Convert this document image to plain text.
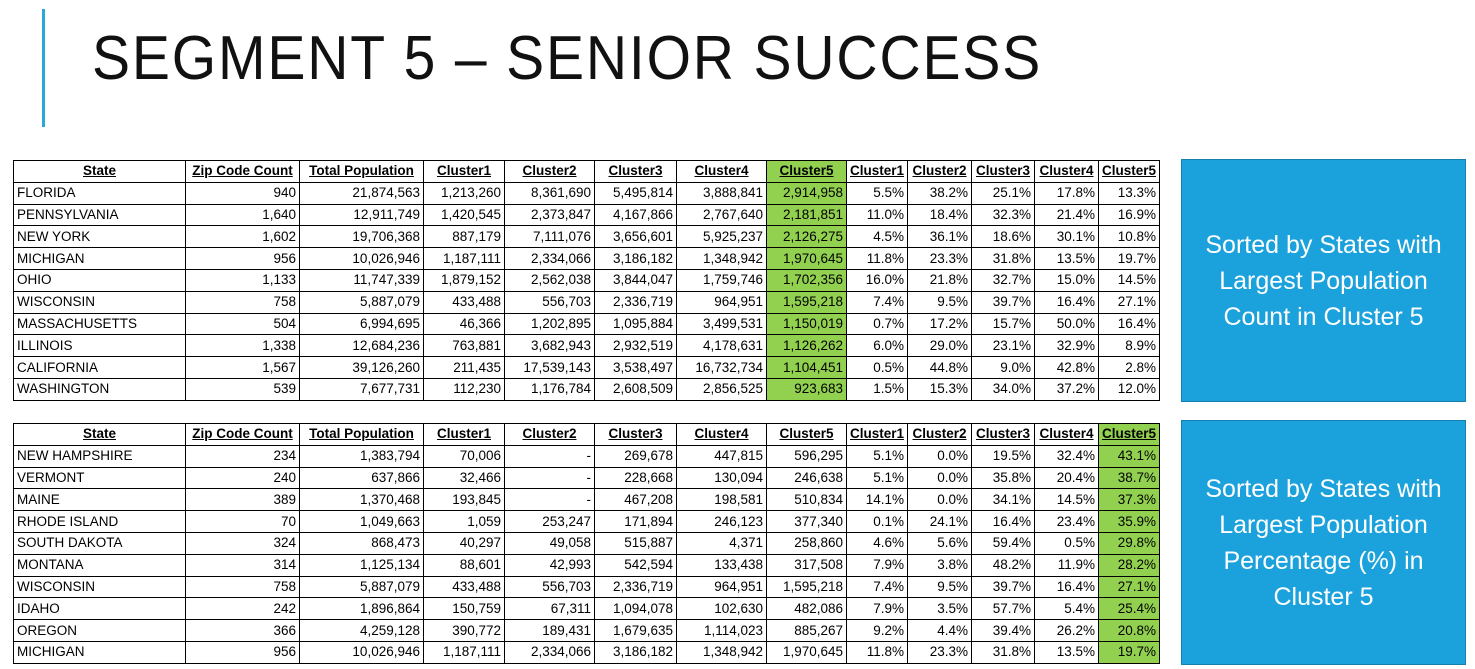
SEGMENT 5 – SENIOR SUCCESS
State	Zip Code Count	Total Population	Cluster1	Cluster2	Cluster3	Cluster4	Cluster5	Cluster1	Cluster2	Cluster3	Cluster4	Cluster5
FLORIDA	940	21,874,563	1,213,260	8,361,690	5,495,814	3,888,841	2,914,958	5.5%	38.2%	25.1%	17.8%	13.3%
PENNSYLVANIA	1,640	12,911,749	1,420,545	2,373,847	4,167,866	2,767,640	2,181,851	11.0%	18.4%	32.3%	21.4%	16.9%
NEW YORK	1,602	19,706,368	887,179	7,111,076	3,656,601	5,925,237	2,126,275	4.5%	36.1%	18.6%	30.1%	10.8%
MICHIGAN	956	10,026,946	1,187,111	2,334,066	3,186,182	1,348,942	1,970,645	11.8%	23.3%	31.8%	13.5%	19.7%
OHIO	1,133	11,747,339	1,879,152	2,562,038	3,844,047	1,759,746	1,702,356	16.0%	21.8%	32.7%	15.0%	14.5%
WISCONSIN	758	5,887,079	433,488	556,703	2,336,719	964,951	1,595,218	7.4%	9.5%	39.7%	16.4%	27.1%
MASSACHUSETTS	504	6,994,695	46,366	1,202,895	1,095,884	3,499,531	1,150,019	0.7%	17.2%	15.7%	50.0%	16.4%
ILLINOIS	1,338	12,684,236	763,881	3,682,943	2,932,519	4,178,631	1,126,262	6.0%	29.0%	23.1%	32.9%	8.9%
CALIFORNIA	1,567	39,126,260	211,435	17,539,143	3,538,497	16,732,734	1,104,451	0.5%	44.8%	9.0%	42.8%	2.8%
WASHINGTON	539	7,677,731	112,230	1,176,784	2,608,509	2,856,525	923,683	1.5%	15.3%	34.0%	37.2%	12.0%
Sorted by States with Largest Population Count in Cluster 5
State	Zip Code Count	Total Population	Cluster1	Cluster2	Cluster3	Cluster4	Cluster5	Cluster1	Cluster2	Cluster3	Cluster4	Cluster5
NEW HAMPSHIRE	234	1,383,794	70,006	-	269,678	447,815	596,295	5.1%	0.0%	19.5%	32.4%	43.1%
VERMONT	240	637,866	32,466	-	228,668	130,094	246,638	5.1%	0.0%	35.8%	20.4%	38.7%
MAINE	389	1,370,468	193,845	-	467,208	198,581	510,834	14.1%	0.0%	34.1%	14.5%	37.3%
RHODE ISLAND	70	1,049,663	1,059	253,247	171,894	246,123	377,340	0.1%	24.1%	16.4%	23.4%	35.9%
SOUTH DAKOTA	324	868,473	40,297	49,058	515,887	4,371	258,860	4.6%	5.6%	59.4%	0.5%	29.8%
MONTANA	314	1,125,134	88,601	42,993	542,594	133,438	317,508	7.9%	3.8%	48.2%	11.9%	28.2%
WISCONSIN	758	5,887,079	433,488	556,703	2,336,719	964,951	1,595,218	7.4%	9.5%	39.7%	16.4%	27.1%
IDAHO	242	1,896,864	150,759	67,311	1,094,078	102,630	482,086	7.9%	3.5%	57.7%	5.4%	25.4%
OREGON	366	4,259,128	390,772	189,431	1,679,635	1,114,023	885,267	9.2%	4.4%	39.4%	26.2%	20.8%
MICHIGAN	956	10,026,946	1,187,111	2,334,066	3,186,182	1,348,942	1,970,645	11.8%	23.3%	31.8%	13.5%	19.7%
Sorted by States with Largest Population Percentage (%) in Cluster 5
